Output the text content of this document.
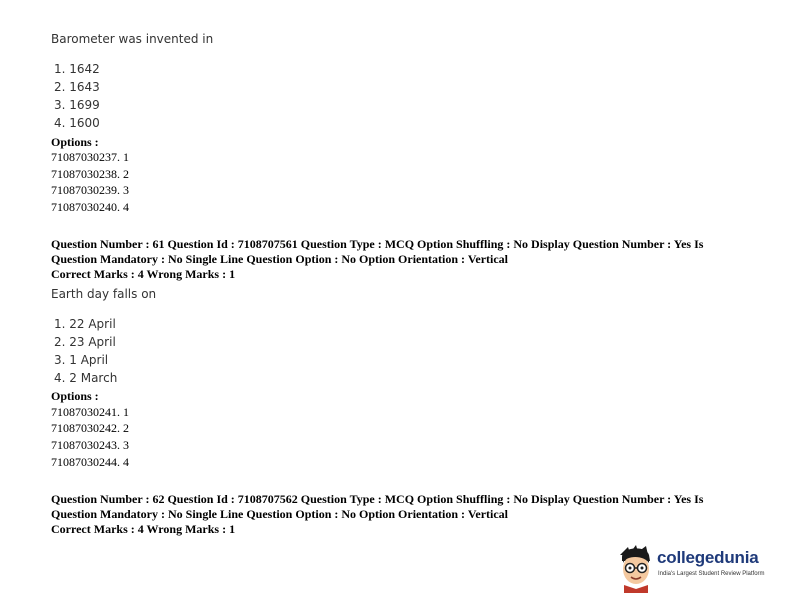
Barometer was invented in
1. 1642
2. 1643
3. 1699
4. 1600
Options :
71087030237. 1
71087030238. 2
71087030239. 3
71087030240. 4
Question Number : 61 Question Id : 7108707561 Question Type : MCQ Option Shuffling : No Display Question Number : Yes Is
Question Mandatory : No Single Line Question Option : No Option Orientation : Vertical
Correct Marks : 4 Wrong Marks : 1
Earth day falls on
1. 22 April
2. 23 April
3. 1 April
4. 2 March
Options :
71087030241. 1
71087030242. 2
71087030243. 3
71087030244. 4
Question Number : 62 Question Id : 7108707562 Question Type : MCQ Option Shuffling : No Display Question Number : Yes Is
Question Mandatory : No Single Line Question Option : No Option Orientation : Vertical
Correct Marks : 4 Wrong Marks : 1
collegedunia
India's Largest Student Review Platform
